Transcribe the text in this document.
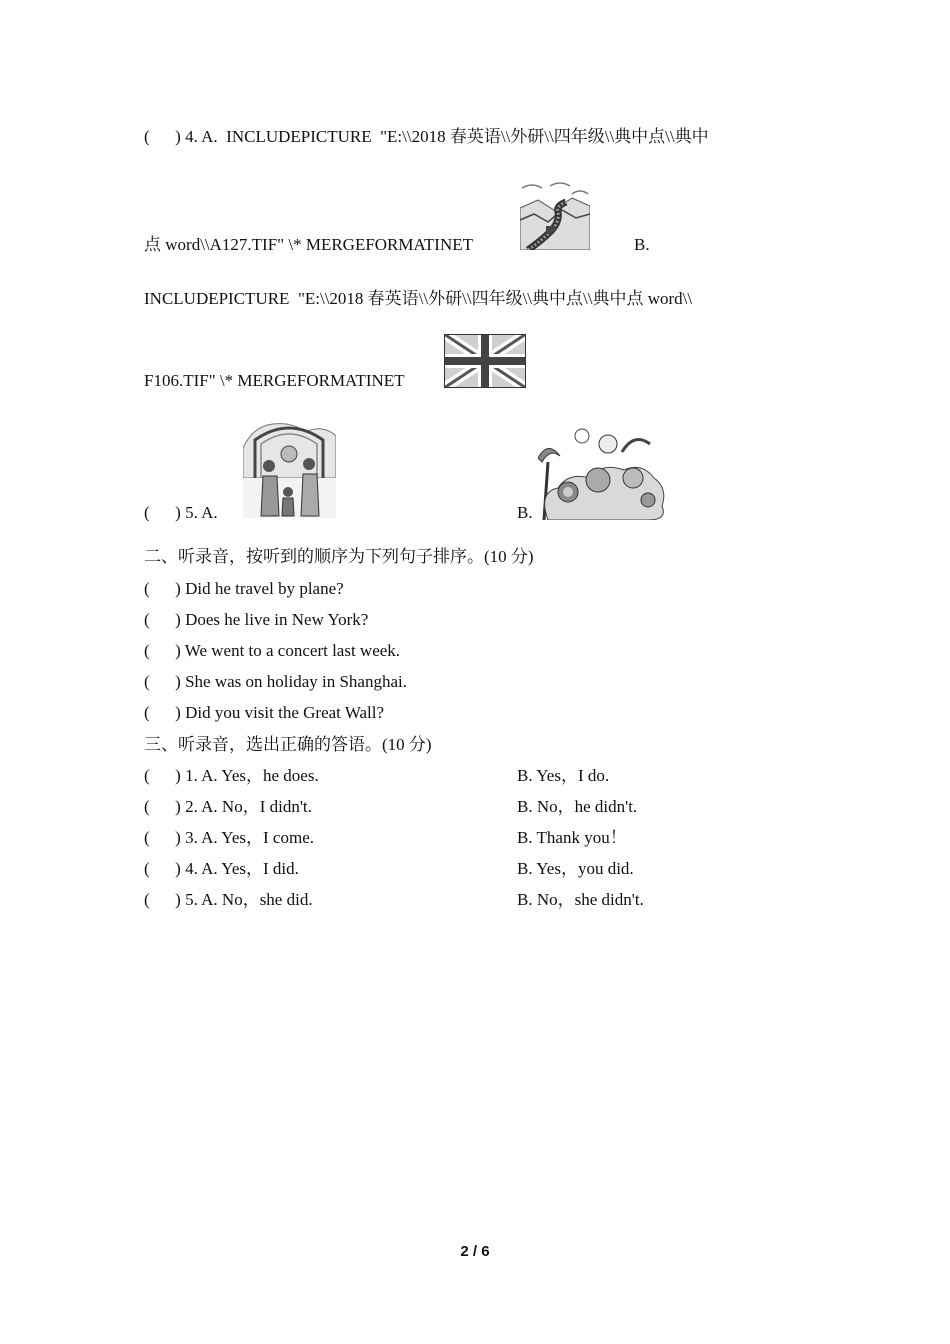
(      ) 4. A.  INCLUDEPICTURE  "E:\\2018 春英语\\外研\\四年级\\典中点\\典中
点 word\\A127.TIF" \* MERGEFORMATINET	B.
INCLUDEPICTURE  "E:\\2018 春英语\\外研\\四年级\\典中点\\典中点 word\\
F106.TIF" \* MERGEFORMATINET
(      ) 5. A.	B.
二、听录音，按听到的顺序为下列句子排序。(10 分)
(      ) Did he travel by plane?
(      ) Does he live in New York?
(      ) We went to a concert last week.
(      ) She was on holiday in Shanghai.
(      ) Did you visit the Great Wall?
三、听录音，选出正确的答语。(10 分)
(      ) 1. A. Yes，he does.	B. Yes，I do.
(      ) 2. A. No，I didn't.	B. No，he didn't.
(      ) 3. A. Yes，I come.	B. Thank you！
(      ) 4. A. Yes，I did.	B. Yes，you did.
(      ) 5. A. No，she did.	B. No，she didn't.
2 / 6
